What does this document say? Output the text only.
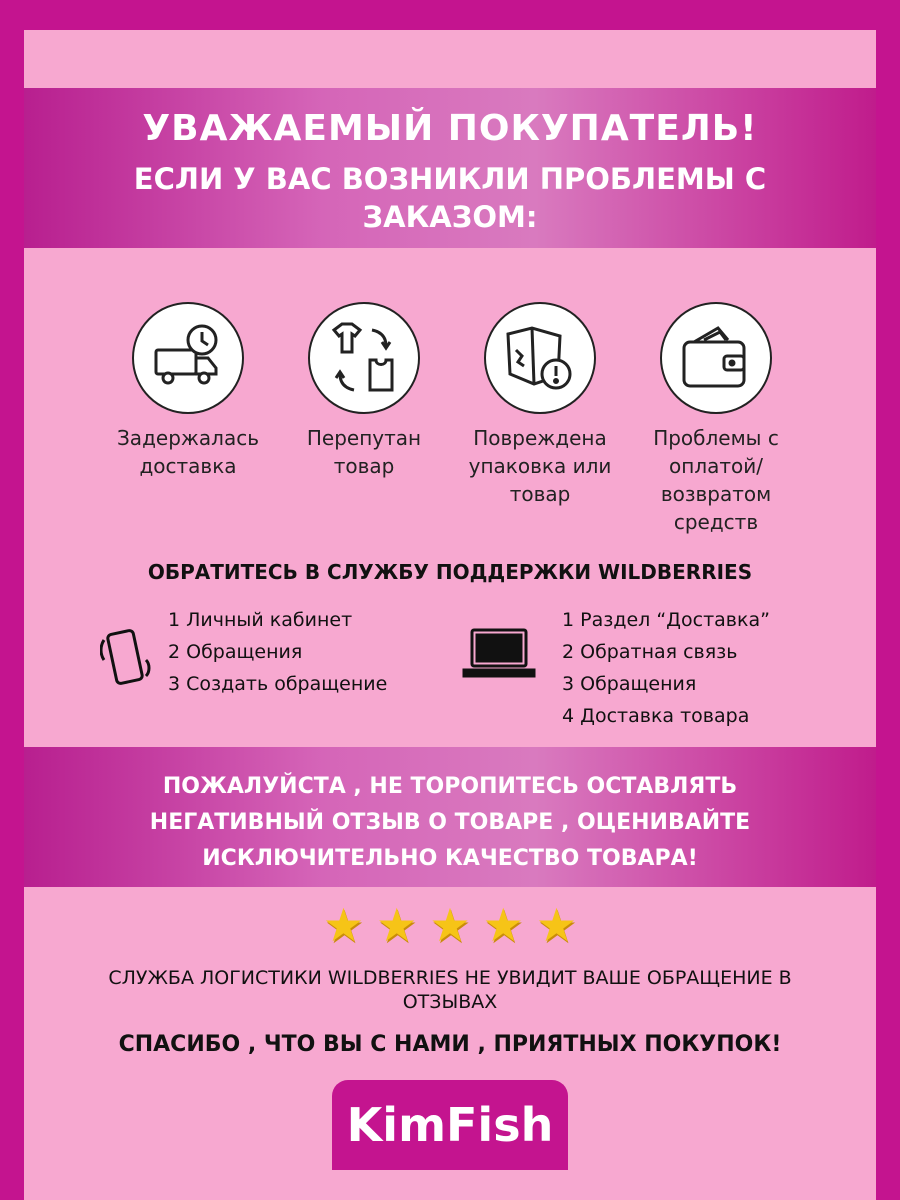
УВАЖАЕМЫЙ ПОКУПАТЕЛЬ!
ЕСЛИ У ВАС ВОЗНИКЛИ ПРОБЛЕМЫ С ЗАКАЗОМ:
Задержалась доставка
Перепутан товар
Повреждена упаковка или товар
Проблемы с оплатой/ возвратом средств
ОБРАТИТЕСЬ В СЛУЖБУ ПОДДЕРЖКИ WILDBERRIES
1 Личный кабинет
2 Обращения
3 Создать обращение
1 Раздел “Доставка”
2 Обратная связь
3 Обращения
4 Доставка товара
ПОЖАЛУЙСТА , НЕ ТОРОПИТЕСЬ ОСТАВЛЯТЬ
НЕГАТИВНЫЙ ОТЗЫВ О ТОВАРЕ , ОЦЕНИВАЙТЕ
ИСКЛЮЧИТЕЛЬНО КАЧЕСТВО ТОВАРА!
★ ★ ★ ★ ★
СЛУЖБА ЛОГИСТИКИ WILDBERRIES НЕ УВИДИТ ВАШЕ ОБРАЩЕНИЕ В ОТЗЫВАХ
СПАСИБО , ЧТО ВЫ С НАМИ , ПРИЯТНЫХ ПОКУПОК!
KimFish
